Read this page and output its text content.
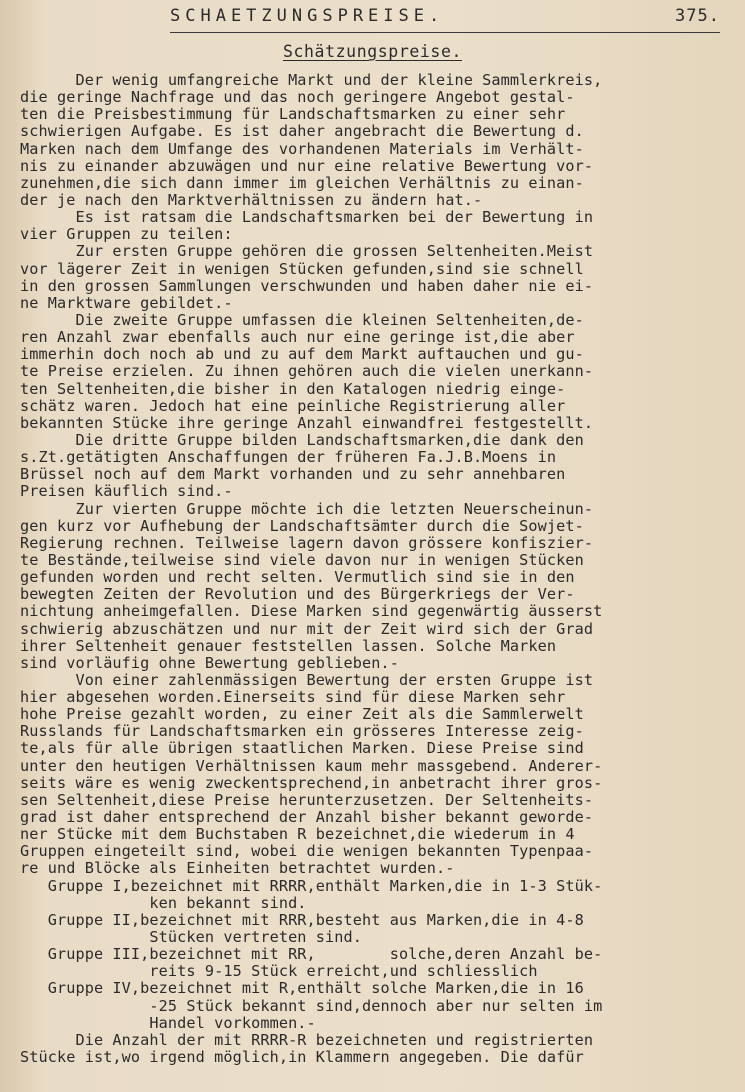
SCHAETZUNGSPREISE.	375.
Schätzungspreise.
Der wenig umfangreiche Markt und der kleine Sammlerkreis,
die geringe Nachfrage und das noch geringere Angebot gestal-
ten die Preisbestimmung für Landschaftsmarken zu einer sehr
schwierigen Aufgabe. Es ist daher angebracht die Bewertung d.
Marken nach dem Umfange des vorhandenen Materials im Verhält-
nis zu einander abzuwägen und nur eine relative Bewertung vor-
zunehmen,die sich dann immer im gleichen Verhältnis zu einan-
der je nach den Marktverhältnissen zu ändern hat.-
Es ist ratsam die Landschaftsmarken bei der Bewertung in
vier Gruppen zu teilen:
Zur ersten Gruppe gehören die grossen Seltenheiten.Meist
vor lägerer Zeit in wenigen Stücken gefunden,sind sie schnell
in den grossen Sammlungen verschwunden und haben daher nie ei-
ne Marktware gebildet.-
Die zweite Gruppe umfassen die kleinen Seltenheiten,de-
ren Anzahl zwar ebenfalls auch nur eine geringe ist,die aber
immerhin doch noch ab und zu auf dem Markt auftauchen und gu-
te Preise erzielen. Zu ihnen gehören auch die vielen unerkann-
ten Seltenheiten,die bisher in den Katalogen niedrig einge-
schätz waren. Jedoch hat eine peinliche Registrierung aller
bekannten Stücke ihre geringe Anzahl einwandfrei festgestellt.
Die dritte Gruppe bilden Landschaftsmarken,die dank den
s.Zt.getätigten Anschaffungen der früheren Fa.J.B.Moens in
Brüssel noch auf dem Markt vorhanden und zu sehr annehbaren
Preisen käuflich sind.-
Zur vierten Gruppe möchte ich die letzten Neuerscheinun-
gen kurz vor Aufhebung der Landschaftsämter durch die Sowjet-
Regierung rechnen. Teilweise lagern davon grössere konfiszier-
te Bestände,teilweise sind viele davon nur in wenigen Stücken
gefunden worden und recht selten. Vermutlich sind sie in den
bewegten Zeiten der Revolution und des Bürgerkriegs der Ver-
nichtung anheimgefallen. Diese Marken sind gegenwärtig äusserst
schwierig abzuschätzen und nur mit der Zeit wird sich der Grad
ihrer Seltenheit genauer feststellen lassen. Solche Marken
sind vorläufig ohne Bewertung geblieben.-
Von einer zahlenmässigen Bewertung der ersten Gruppe ist
hier abgesehen worden.Einerseits sind für diese Marken sehr
hohe Preise gezahlt worden, zu einer Zeit als die Sammlerwelt
Russlands für Landschaftsmarken ein grösseres Interesse zeig-
te,als für alle übrigen staatlichen Marken. Diese Preise sind
unter den heutigen Verhältnissen kaum mehr massgebend. Anderer-
seits wäre es wenig zweckentsprechend,in anbetracht ihrer gros-
sen Seltenheit,diese Preise herunterzusetzen. Der Seltenheits-
grad ist daher entsprechend der Anzahl bisher bekannt geworde-
ner Stücke mit dem Buchstaben R bezeichnet,die wiederum in 4
Gruppen eingeteilt sind, wobei die wenigen bekannten Typenpaa-
re und Blöcke als Einheiten betrachtet wurden.-
Gruppe I,bezeichnet mit RRRR,enthält Marken,die in 1-3 Stük-
ken bekannt sind.
Gruppe II,bezeichnet mit RRR,besteht aus Marken,die in 4-8
Stücken vertreten sind.
Gruppe III,bezeichnet mit RR,        solche,deren Anzahl be-
reits 9-15 Stück erreicht,und schliesslich
Gruppe IV,bezeichnet mit R,enthält solche Marken,die in 16
-25 Stück bekannt sind,dennoch aber nur selten im
Handel vorkommen.-
Die Anzahl der mit RRRR-R bezeichneten und registrierten
Stücke ist,wo irgend möglich,in Klammern angegeben. Die dafür
